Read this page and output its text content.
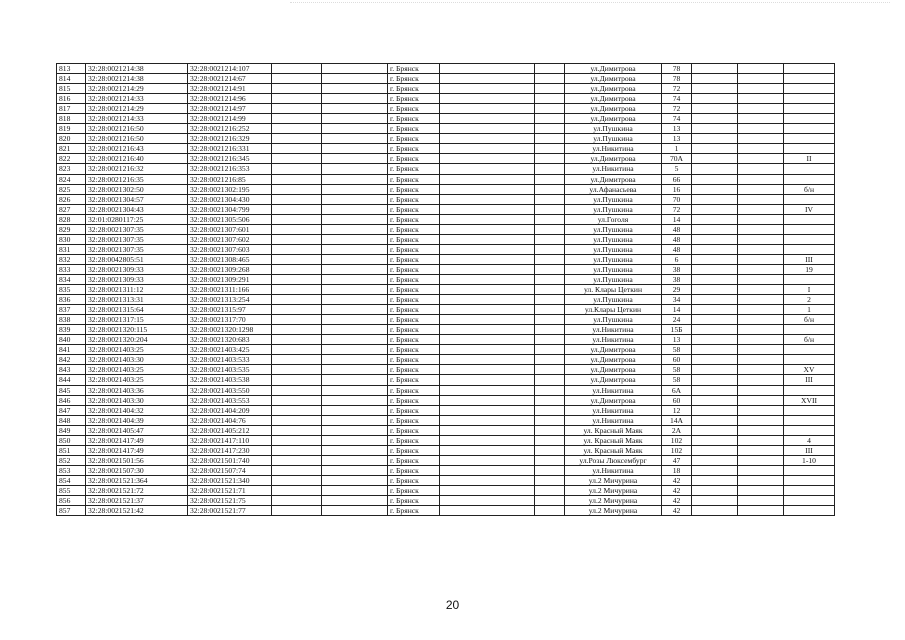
813	32:28:0021214:38	32:28:0021214:107			г. Брянск			ул.Димитрова	78			
814	32:28:0021214:38	32:28:0021214:67			г. Брянск			ул.Димитрова	78			
815	32:28:0021214:29	32:28:0021214:91			г. Брянск			ул.Димитрова	72			
816	32:28:0021214:33	32:28:0021214:96			г. Брянск			ул.Димитрова	74			
817	32:28:0021214:29	32:28:0021214:97			г. Брянск			ул.Димитрова	72			
818	32:28:0021214:33	32:28:0021214:99			г. Брянск			ул.Димитрова	74			
819	32:28:0021216:50	32:28:0021216:252			г. Брянск			ул.Пушкина	13			
820	32:28:0021216:50	32:28:0021216:329			г. Брянск			ул.Пушкина	13			
821	32:28:0021216:43	32:28:0021216:331			г. Брянск			ул.Никитина	1			
822	32:28:0021216:40	32:28:0021216:345			г. Брянск			ул.Димитрова	70А			II
823	32:28:0021216:32	32:28:0021216:353			г. Брянск			ул.Никитина	5			
824	32:28:0021216:35	32:28:0021216:85			г. Брянск			ул.Димитрова	66			
825	32:28:0021302:50	32:28:0021302:195			г. Брянск			ул.Афанасьева	16			б/н
826	32:28:0021304:57	32:28:0021304:430			г. Брянск			ул.Пушкина	70			
827	32:28:0021304:43	32:28:0021304:799			г. Брянск			ул.Пушкина	72			IV
828	32:01:0280117:25	32:28:0021305:506			г. Брянск			ул.Гоголя	14			
829	32:28:0021307:35	32:28:0021307:601			г. Брянск			ул.Пушкина	48			
830	32:28:0021307:35	32:28:0021307:602			г. Брянск			ул.Пушкина	48			
831	32:28:0021307:35	32:28:0021307:603			г. Брянск			ул.Пушкина	48			
832	32:28:0042805:51	32:28:0021308:465			г. Брянск			ул.Пушкина	6			III
833	32:28:0021309:33	32:28:0021309:268			г. Брянск			ул.Пушкина	38			19
834	32:28:0021309:33	32:28:0021309:291			г. Брянск			ул.Пушкина	38			
835	32:28:0021311:12	32:28:0021311:166			г. Брянск			ул. Клары Цеткин	29			I
836	32:28:0021313:31	32:28:0021313:254			г. Брянск			ул.Пушкина	34			2
837	32:28:0021315:64	32:28:0021315:97			г. Брянск			ул.Клары Цеткин	14			1
838	32:28:0021317:15	32:28:0021317:70			г. Брянск			ул.Пушкина	24			б/н
839	32:28:0021320:115	32:28:0021320:1298			г. Брянск			ул.Никитина	15Б			
840	32:28:0021320:204	32:28:0021320:683			г. Брянск			ул.Никитина	13			б/н
841	32:28:0021403:25	32:28:0021403:425			г. Брянск			ул.Димитрова	58			
842	32:28:0021403:30	32:28:0021403:533			г. Брянск			ул.Димитрова	60			
843	32:28:0021403:25	32:28:0021403:535			г. Брянск			ул.Димитрова	58			XV
844	32:28:0021403:25	32:28:0021403:538			г. Брянск			ул.Димитрова	58			III
845	32:28:0021403:36	32:28:0021403:550			г. Брянск			ул.Никитина	6А			
846	32:28:0021403:30	32:28:0021403:553			г. Брянск			ул.Димитрова	60			XVII
847	32:28:0021404:32	32:28:0021404:209			г. Брянск			ул.Никитина	12			
848	32:28:0021404:39	32:28:0021404:76			г. Брянск			ул.Никитина	14А			
849	32:28:0021405:47	32:28:0021405:212			г. Брянск			ул. Красный Маяк	2А			
850	32:28:0021417:49	32:28:0021417:110			г. Брянск			ул. Красный Маяк	102			4
851	32:28:0021417:49	32:28:0021417:230			г. Брянск			ул. Красный Маяк	102			III
852	32:28:0021501:56	32:28:0021501:740			г. Брянск			ул.Розы Люксембург	47			1-10
853	32:28:0021507:30	32:28:0021507:74			г. Брянск			ул.Никитина	18			
854	32:28:0021521:364	32:28:0021521:340			г. Брянск			ул.2 Мичурина	42			
855	32:28:0021521:72	32:28:0021521:71			г. Брянск			ул.2 Мичурина	42			
856	32:28:0021521:37	32:28:0021521:75			г. Брянск			ул.2 Мичурина	42			
857	32:28:0021521:42	32:28:0021521:77			г. Брянск			ул.2 Мичурина	42			
20
